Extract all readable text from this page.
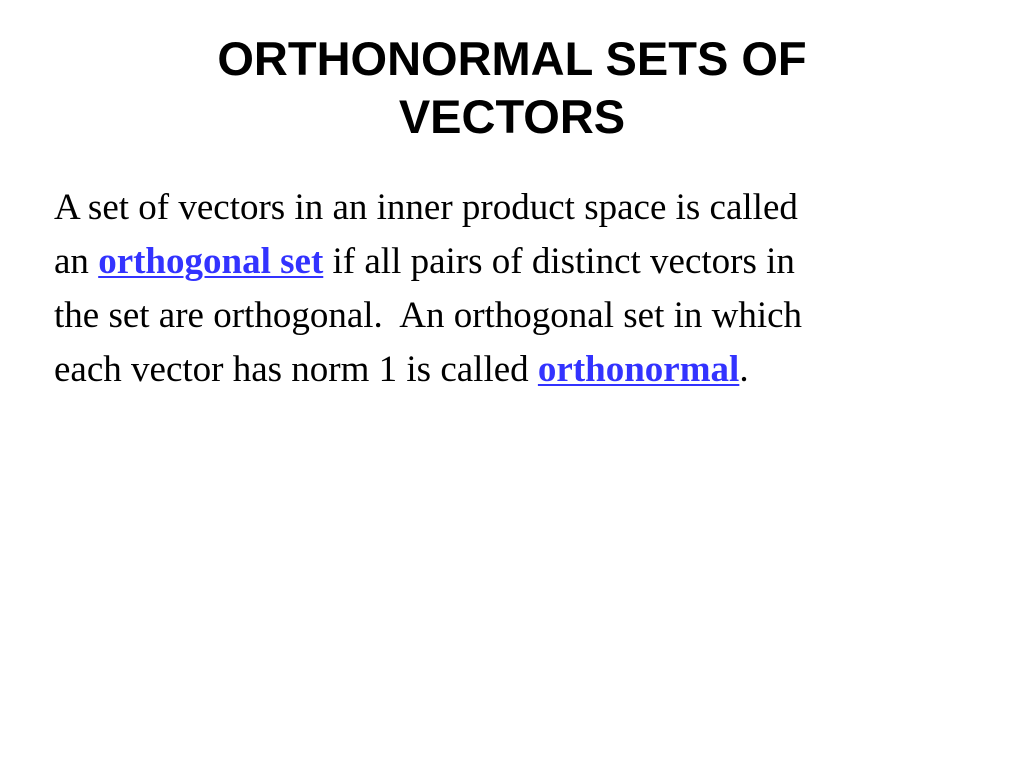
ORTHONORMAL SETS OF
VECTORS

A set of vectors in an inner product space is called
an orthogonal set if all pairs of distinct vectors in
the set are orthogonal.  An orthogonal set in which
each vector has norm 1 is called orthonormal.
